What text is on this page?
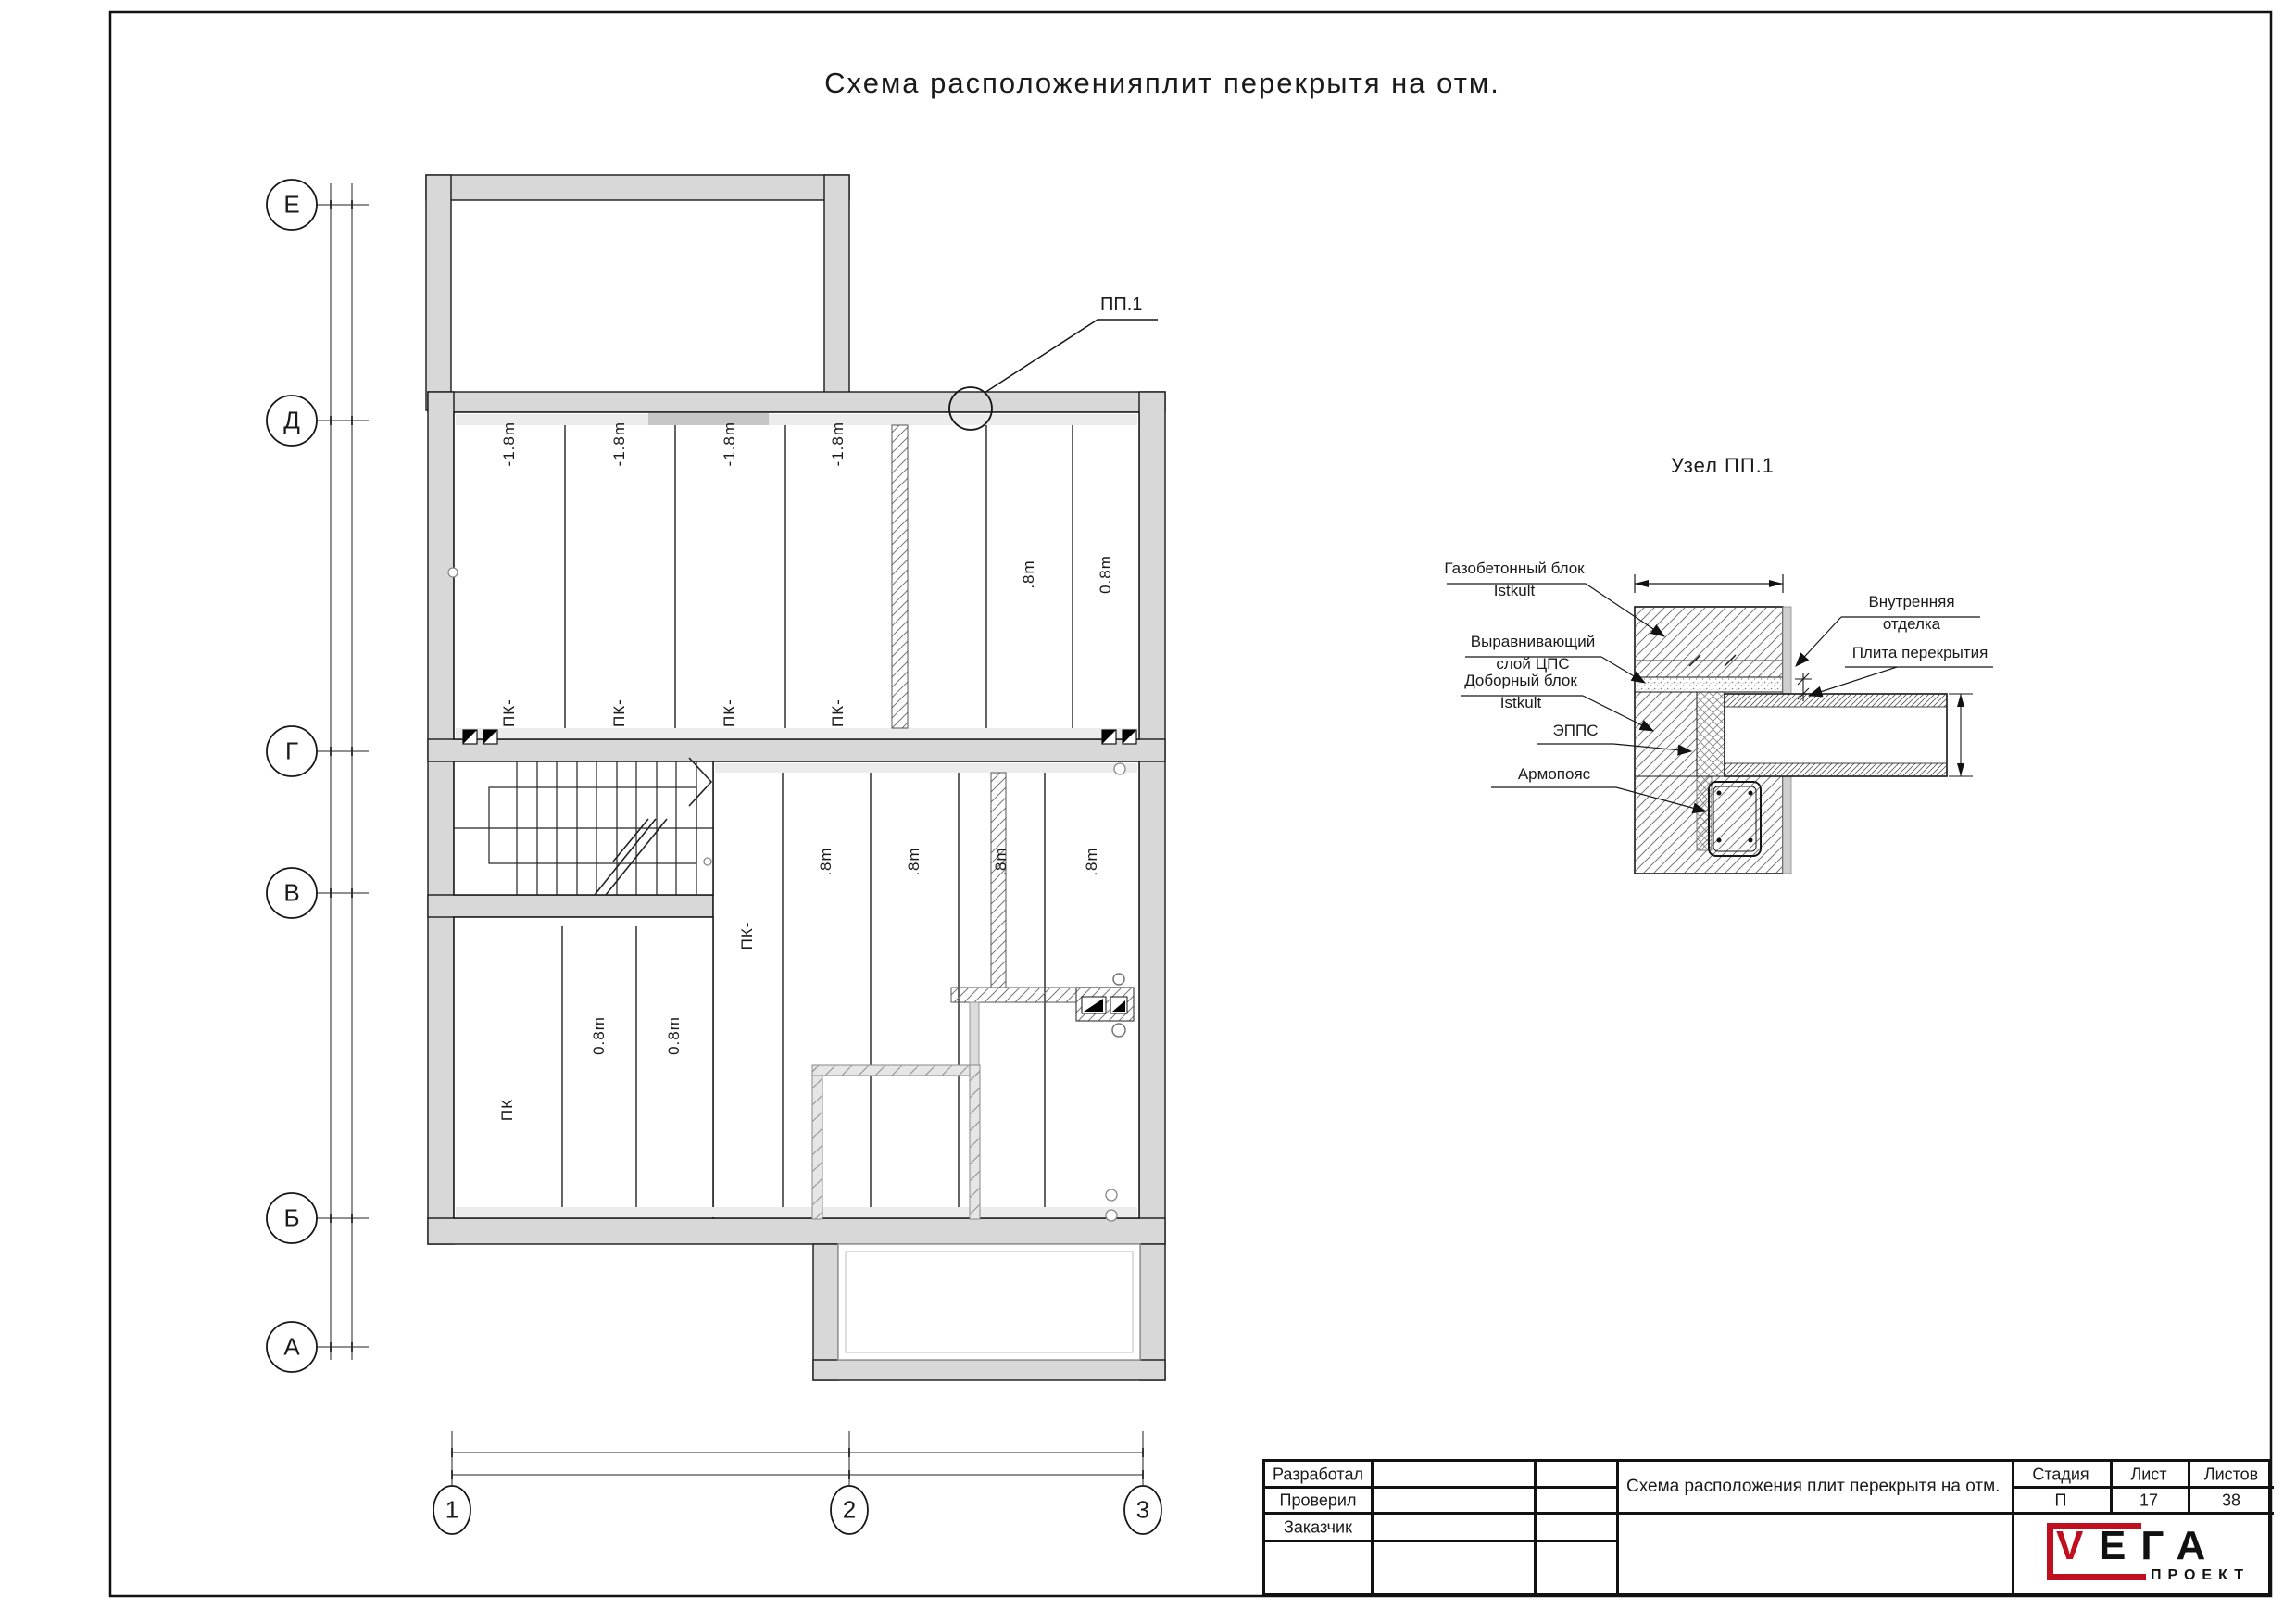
Схема расположенияплит перекрытя на отм.
Е
Д
Г
В
Б
А
1	2	3
ПК-
-1.8m
ПК-
-1.8m
ПК-
-1.8m
ПК-
-1.8m
.8m	0.8m
ПК-
.8m	.8m	.8m	.8m
ПК
0.8m	0.8m
ПП.1
Узел ПП.1
Газобетонный блок
Istkult
Внутренняя
отделка
Выравнивающий
слой ЦПС
Плита перекрытия
Доборный блок
Istkult
ЭППС
Армопояс
Разработал
Проверил
Заказчик
Схема расположения плит перекрытя на отм.
Стадия Лист Листов
П	17	38
V ЕГА
ПРОЕКТ
